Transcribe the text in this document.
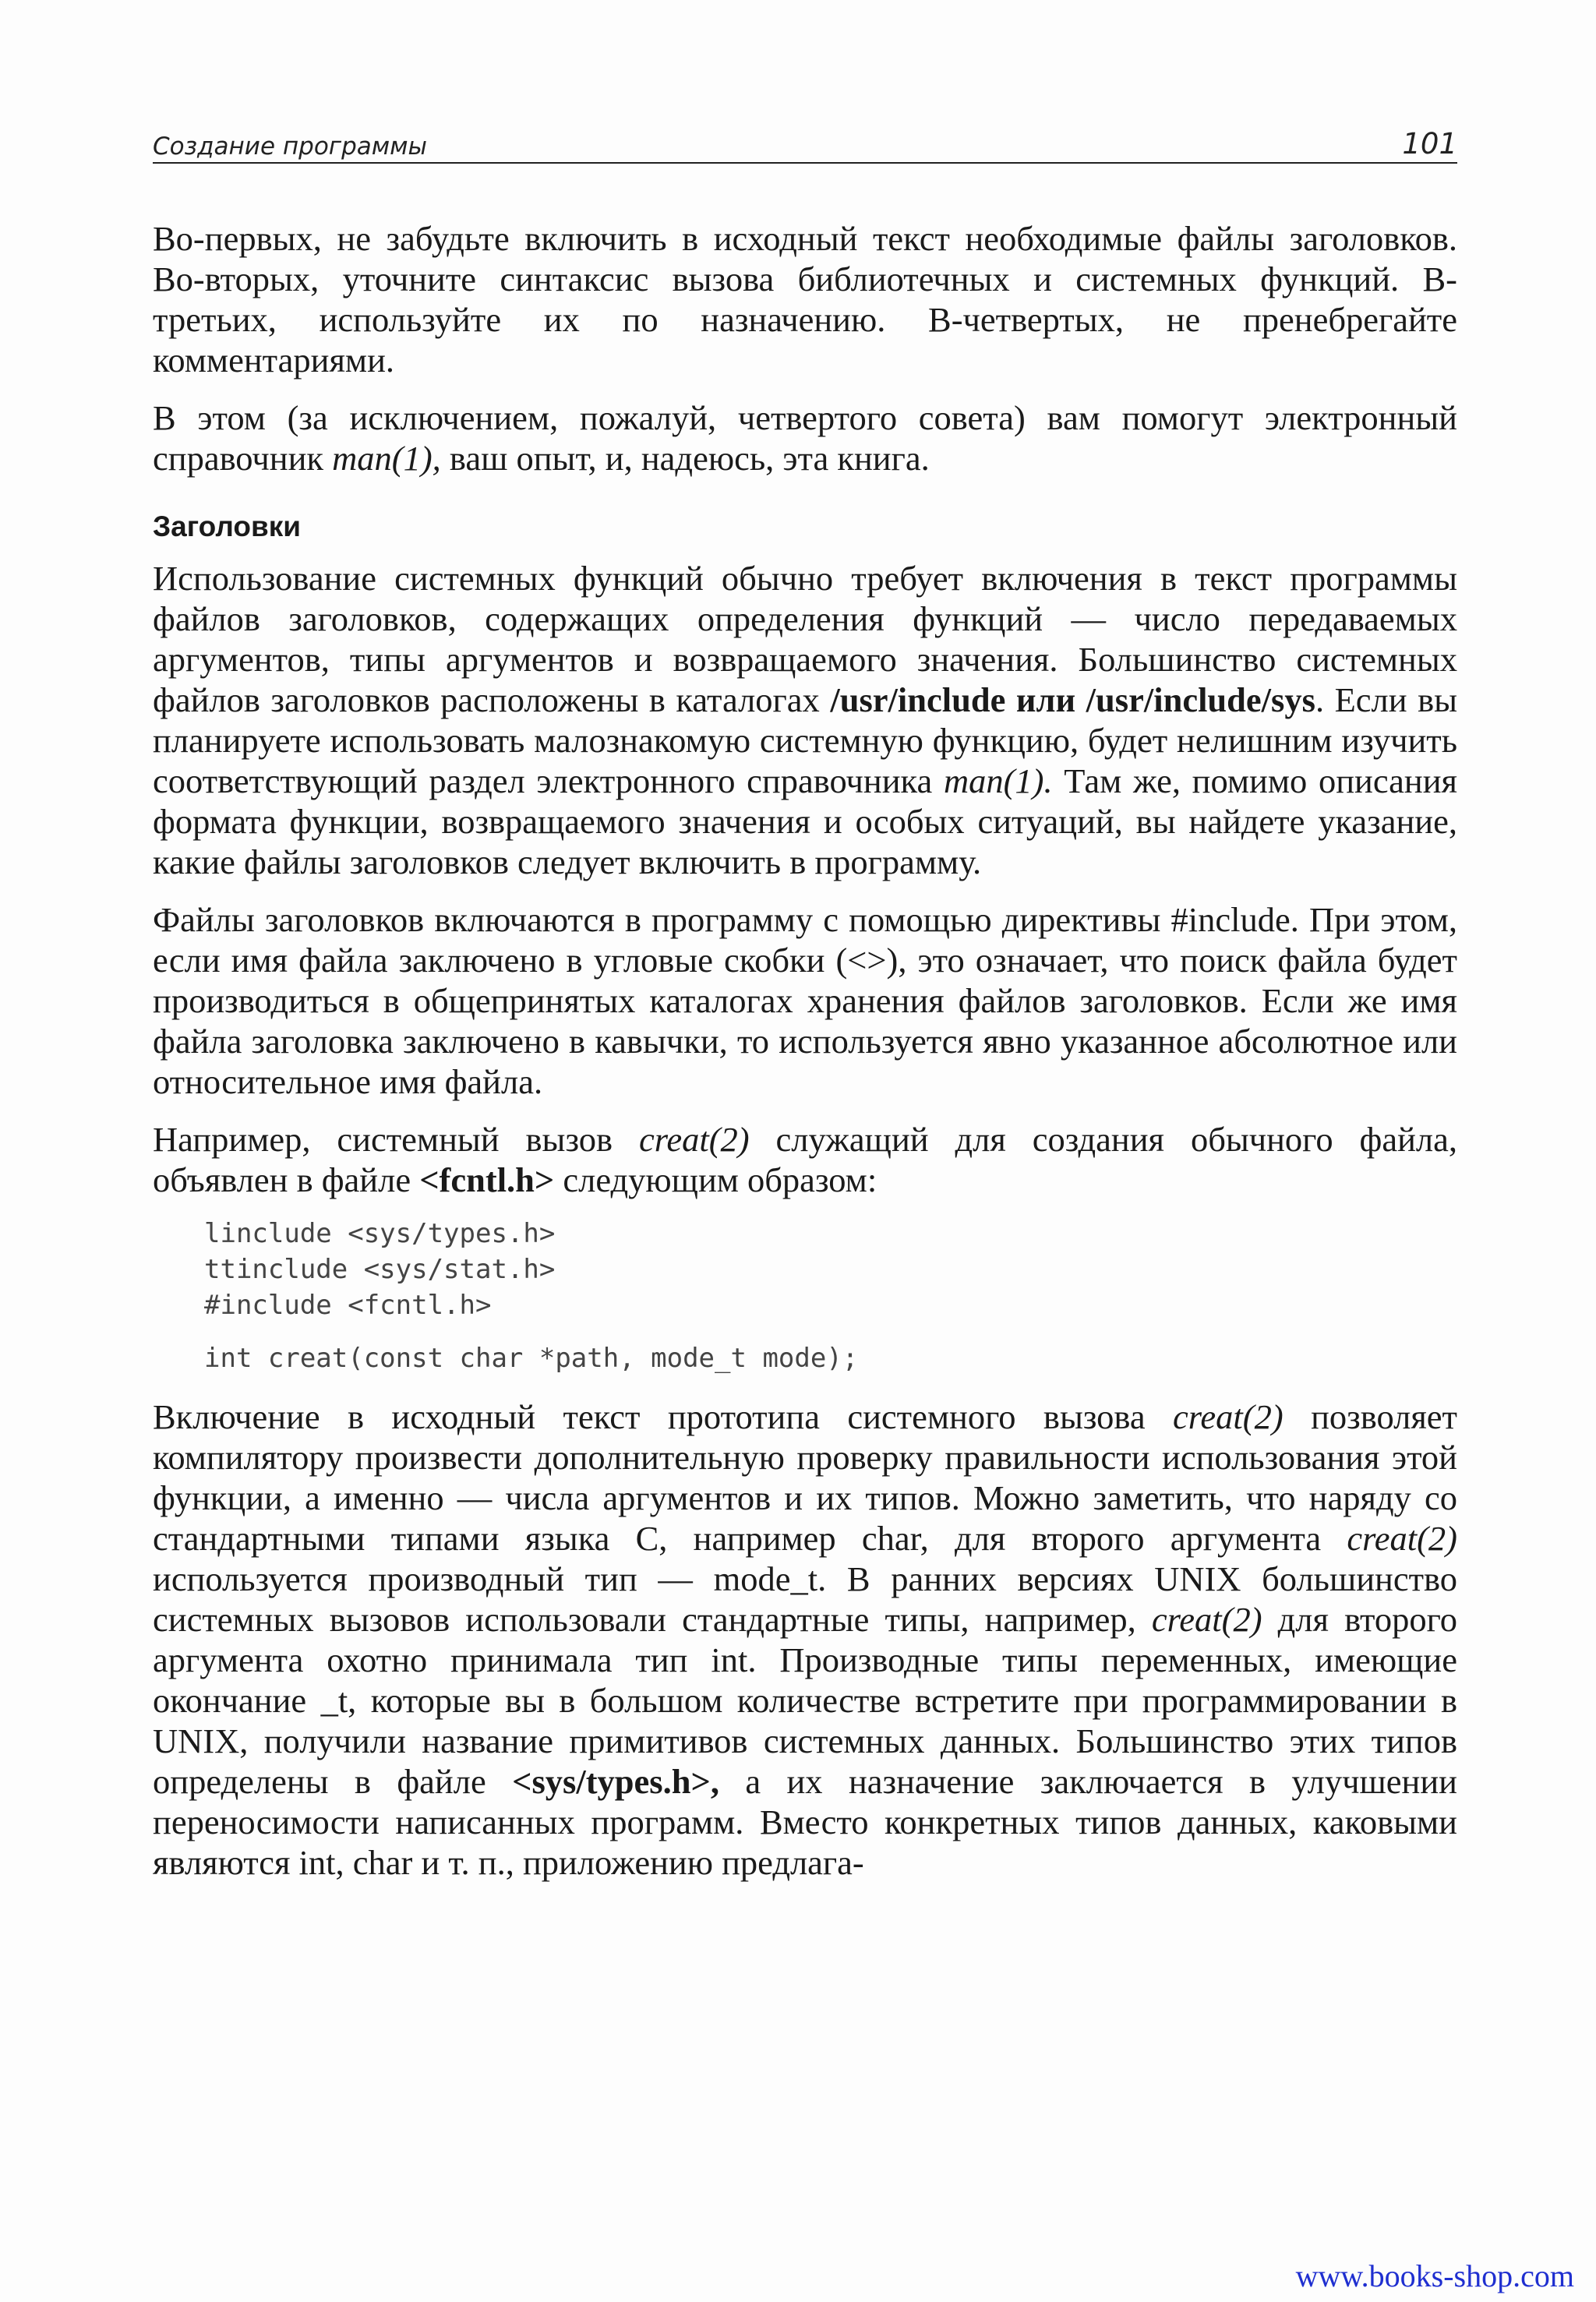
Создание программы	101

Во-первых, не забудьте включить в исходный текст необходимые файлы заголовков. Во-вторых, уточните синтаксис вызова библиотечных и системных функций. В-третьих, используйте их по назначению. В-четвертых, не пренебрегайте комментариями.

В этом (за исключением, пожалуй, четвертого совета) вам помогут электронный справочник man(1), ваш опыт, и, надеюсь, эта книга.

Заголовки

Использование системных функций обычно требует включения в текст программы файлов заголовков, содержащих определения функций — число передаваемых аргументов, типы аргументов и возвращаемого значения. Большинство системных файлов заголовков расположены в каталогах /usr/include или /usr/include/sys. Если вы планируете использовать малознакомую системную функцию, будет нелишним изучить соответствующий раздел электронного справочника man(1). Там же, помимо описания формата функции, возвращаемого значения и особых ситуаций, вы найдете указание, какие файлы заголовков следует включить в программу.

Файлы заголовков включаются в программу с помощью директивы #include. При этом, если имя файла заключено в угловые скобки (<>), это означает, что поиск файла будет производиться в общепринятых каталогах хранения файлов заголовков. Если же имя файла заголовка заключено в кавычки, то используется явно указанное абсолютное или относительное имя файла.

Например, системный вызов creat(2) служащий для создания обычного файла, объявлен в файле <fcntl.h> следующим образом:

linclude <sys/types.h>
ttinclude <sys/stat.h>
#include <fcntl.h>
int creat(const char *path, mode_t mode);

Включение в исходный текст прототипа системного вызова creat(2) позволяет компилятору произвести дополнительную проверку правильности использования этой функции, а именно — числа аргументов и их типов. Можно заметить, что наряду со стандартными типами языка С, например char, для второго аргумента creat(2) используется производный тип — mode_t. В ранних версиях UNIX большинство системных вызовов использовали стандартные типы, например, creat(2) для второго аргумента охотно принимала тип int. Производные типы переменных, имеющие окончание _t, которые вы в большом количестве встретите при программировании в UNIX, получили название примитивов системных данных. Большинство этих типов определены в файле <sys/types.h>, а их назначение заключается в улучшении переносимости написанных программ. Вместо конкретных типов данных, каковыми являются int, char и т. п., приложению предлага-

www.books-shop.com
